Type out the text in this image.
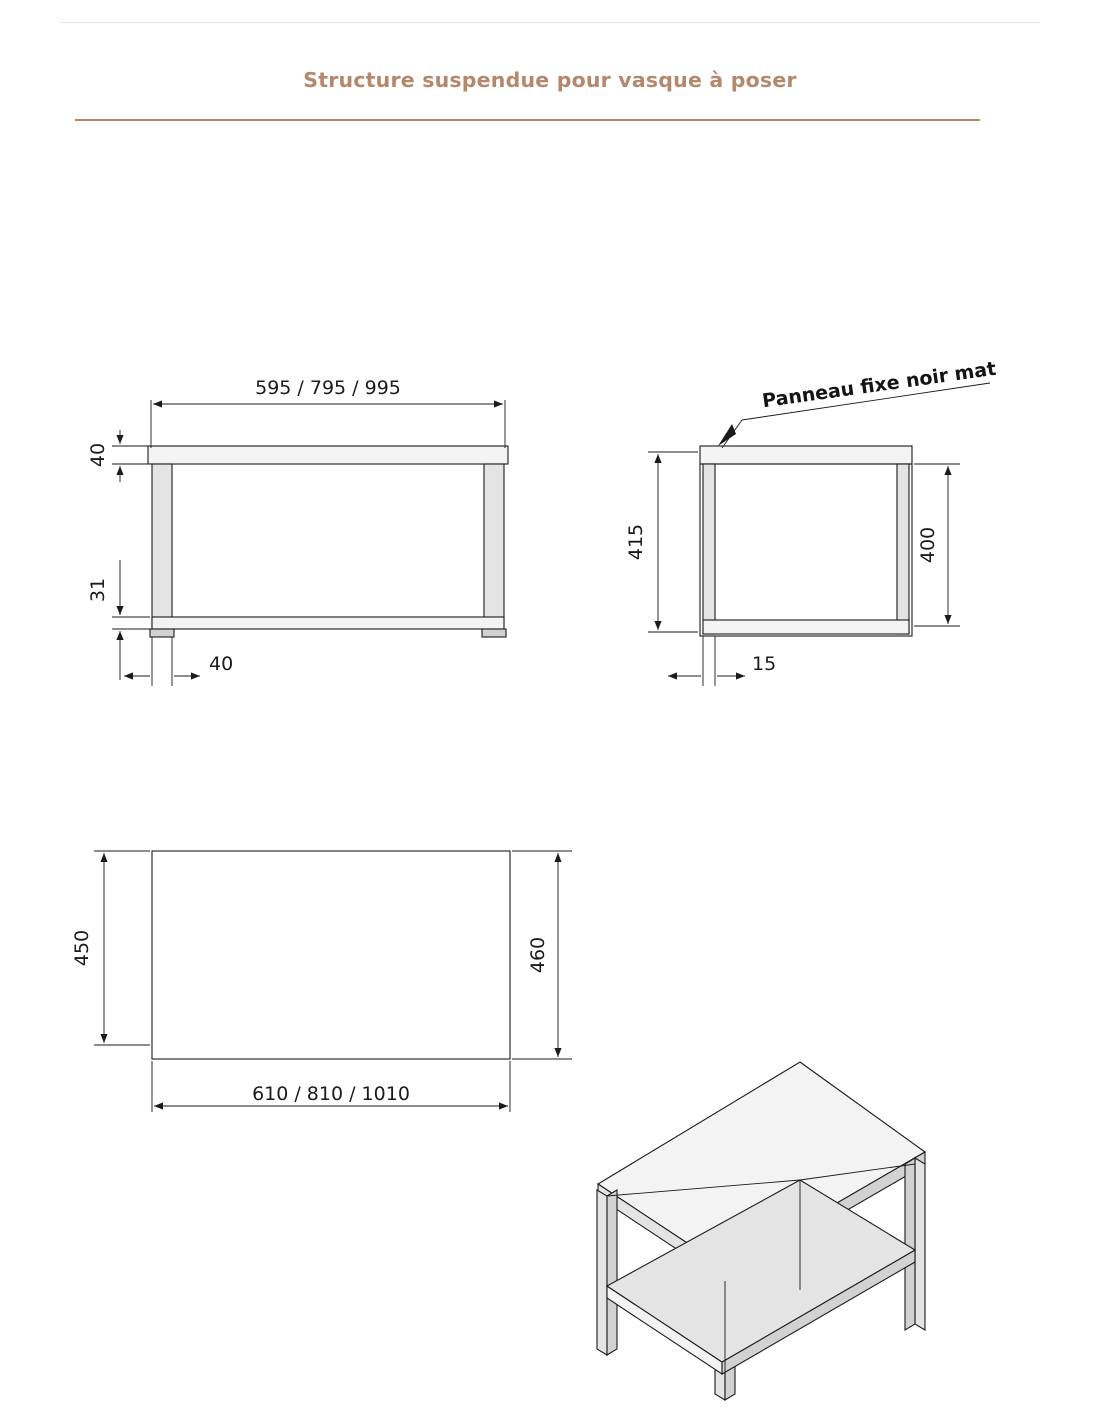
Structure suspendue pour vasque à poser
595 / 795 / 995
40
31
40
Panneau fixe noir mat
415	400
15
450	460
610 / 810 / 1010
